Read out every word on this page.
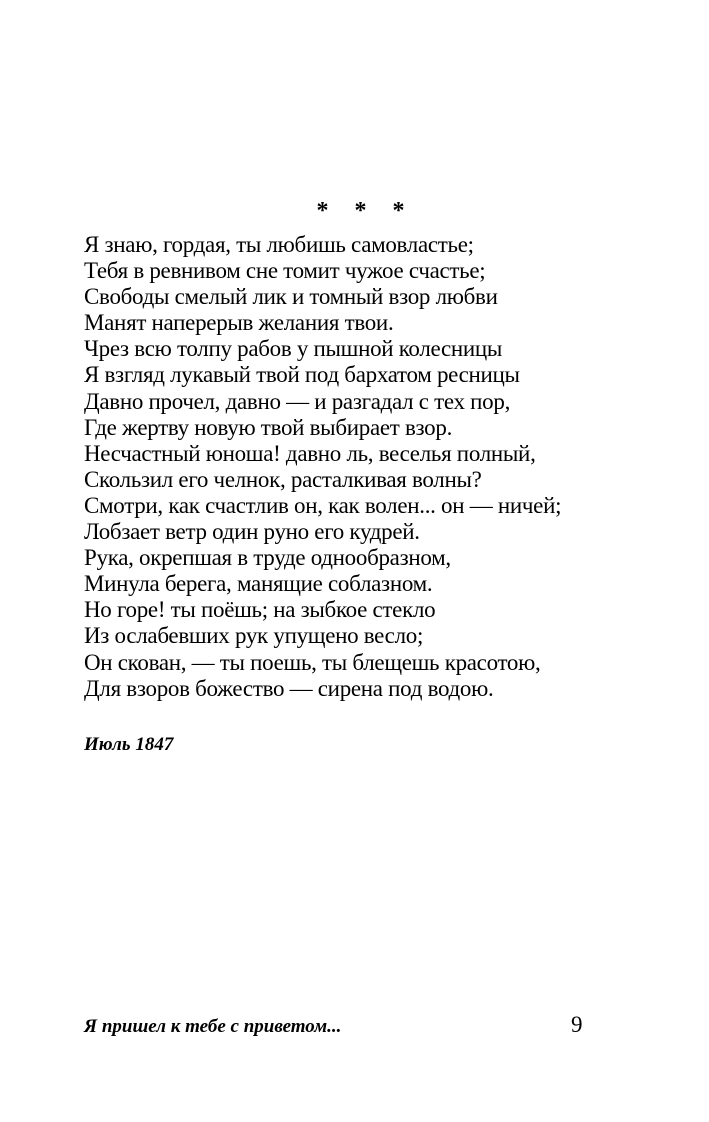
* * *
Я знаю, гордая, ты любишь самовластье;
Тебя в ревнивом сне томит чужое счастье;
Свободы смелый лик и томный взор любви
Манят наперерыв желания твои.
Чрез всю толпу рабов у пышной колесницы
Я взгляд лукавый твой под бархатом ресницы
Давно прочел, давно — и разгадал с тех пор,
Где жертву новую твой выбирает взор.
Несчастный юноша! давно ль, веселья полный,
Скользил его челнок, расталкивая волны?
Смотри, как счастлив он, как волен... он — ничей;
Лобзает ветр один руно его кудрей.
Рука, окрепшая в труде однообразном,
Минула берега, манящие соблазном.
Но горе! ты поёшь; на зыбкое стекло
Из ослабевших рук упущено весло;
Он скован, — ты поешь, ты блещешь красотою,
Для взоров божество — сирена под водою.
Июль 1847
Я пришел к тебе с приветом...	9
